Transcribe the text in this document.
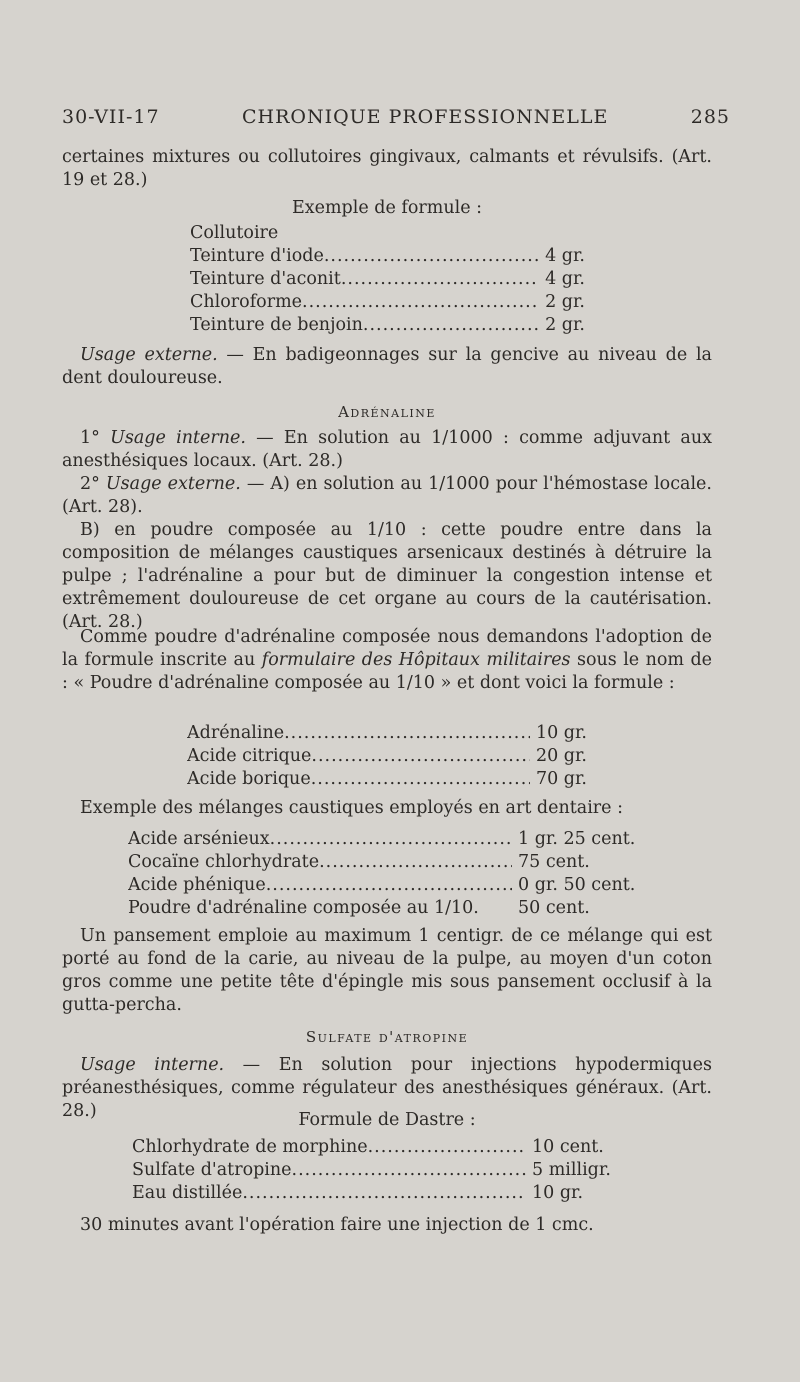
30-VII-17	CHRONIQUE PROFESSIONNELLE	285
certaines mixtures ou collutoires gingivaux, calmants et révulsifs. (Art. 19 et 28.)
Exemple de formule :
Collutoire
Teinture d'iode .....	4 gr.
Teinture d'aconit .....	4 gr.
Chloroforme .....	2 gr.
Teinture de benjoin .....	2 gr.
Usage externe. — En badigeonnages sur la gencive au niveau de la dent douloureuse.
Adrénaline
1° Usage interne. — En solution au 1/1000 : comme adjuvant aux anesthésiques locaux. (Art. 28.)
2° Usage externe. — A) en solution au 1/1000 pour l'hémostase locale. (Art. 28).
B) en poudre composée au 1/10 : cette poudre entre dans la composition de mélanges caustiques arsenicaux destinés à détruire la pulpe ; l'adrénaline a pour but de diminuer la congestion intense et extrêmement douloureuse de cet organe au cours de la cautérisation. (Art. 28.)
Comme poudre d'adrénaline composée nous demandons l'adoption de la formule inscrite au formulaire des Hôpitaux militaires sous le nom de : « Poudre d'adrénaline composée au 1/10 » et dont voici la formule :
Adrénaline .....	10 gr.
Acide citrique .....	20 gr.
Acide borique .....	70 gr.
Exemple des mélanges caustiques employés en art dentaire :
Acide arsénieux .....	1 gr. 25 cent.
Cocaïne chlorhydrate .....	75 cent.
Acide phénique .....	0 gr. 50 cent.
Poudre d'adrénaline composée au 1/10.	50 cent.
Un pansement emploie au maximum 1 centigr. de ce mélange qui est porté au fond de la carie, au niveau de la pulpe, au moyen d'un coton gros comme une petite tête d'épingle mis sous pansement occlusif à la gutta-percha.
Sulfate d'atropine
Usage interne. — En solution pour injections hypodermiques préanesthésiques, comme régulateur des anesthésiques généraux. (Art. 28.)	Formule de Dastre :
Chlorhydrate de morphine .....	10 cent.
Sulfate d'atropine .....	5 milligr.
Eau distillée .....	10 gr.
30 minutes avant l'opération faire une injection de 1 cmc.
